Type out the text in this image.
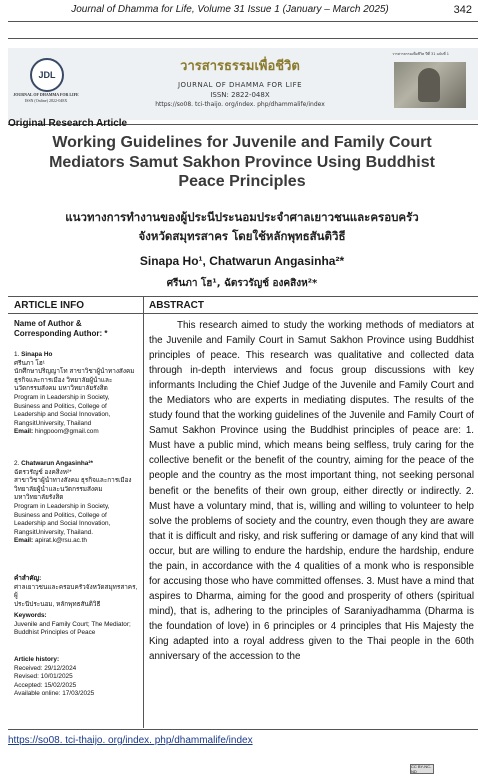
Journal of Dhamma for Life, Volume 31 Issue 1 (January – March 2025)	342
JDL
JOURNAL OF DHAMMA FOR LIFE
ISSN (Online) 2822-048X
วารสารธรรมเพื่อชีวิต
JOURNAL OF DHAMMA FOR LIFE
ISSN: 2822-048X
https://so08. tci-thaijo. org/index. php/dhammalife/index
วารสารธรรมเพื่อชีวิต ปีที่ 31 ฉบับที่ 1
Original Research Article
Working Guidelines for Juvenile and Family Court
Mediators Samut Sakhon Province Using Buddhist
Peace Principles
แนวทางการทำงานของผู้ประนีประนอมประจำศาลเยาวชนและครอบครัว
จังหวัดสมุทรสาคร โดยใช้หลักพุทธสันติวิธี
Sinapa Ho¹, Chatwarun Angasinha²*
ศรีนภา โฮ¹, ฉัตรวรัญช์ องคสิงห²*
ARTICLE INFO
Name of Author &
Corresponding Author: *
1. Sinapa Ho
ศรีนภา โฮ¹
นักศึกษาปริญญาโท สาขาวิชาผู้นำทางสังคม
ธุรกิจและการเมือง วิทยาลัยผู้นำและ
นวัตกรรมสังคม มหาวิทยาลัยรังสิต
Program in Leadership in Society,
Business and Politics, College of
Leadership and Social Innovation,
RangsitUniversity, Thailand
Email: hingpoom@gmail.com
2. Chatwarun Angasinha²*
ฉัตรวรัญช์ องคสิงห²*
สาขาวิชาผู้นำทางสังคม ธุรกิจและการเมือง
วิทยาลัยผู้นำและนวัตกรรมสังคม
มหาวิทยาลัยรังสิต
Program in Leadership in Society,
Business and Politics, College of
Leadership and Social Innovation,
RangsitUniversity, Thailand.
Email: apirat.k@rsu.ac.th
คำสำคัญ:
ศาลเยาวชนและครอบครัวจังหวัดสมุทรสาคร, ผู้
ประนีประนอม, หลักพุทธสันติวิธี
Keywords:
Juvenile and Family Court; The Mediator;
Buddhist Principles of Peace
Article history:
Received: 29/12/2024
Revised: 10/01/2025
Accepted: 15/02/2025
Available online: 17/03/2025
ABSTRACT
This research aimed to study the working methods of mediators at the Juvenile and Family Court in Samut Sakhon Province using Buddhist principles of peace. This research was qualitative and collected data through in-depth interviews and focus group discussions with key informants Including the Chief Judge of the Juvenile and Family Court and the Mediators who are experts in mediating disputes. The results of the study found that the working guidelines of the Juvenile and Family Court of Samut Sakhon Province using the Buddhist principles of peace are: 1. Must have a public mind, which means being selfless, truly caring for the collective benefit or the benefit of the country, aiming for the peace of the people and the country as the most important thing, not seeking personal benefit or the benefits of their own group, either directly or indirectly. 2. Must have a voluntary mind, that is, willing and willing to volunteer to help solve the problems of society and the country, even though they are aware that it is difficult and risky, and risk suffering or damage of any kind that will occur, but are willing to endure the hardship, endure the hardship, endure the pain, in accordance with the 4 qualities of a monk who is responsible for accusing those who have committed offenses. 3. Must have a mind that aspires to Dharma, aiming for the good and prosperity of others (spiritual mind), that is, adhering to the principles of Saraniyadhamma (Dharma is the foundation of love) in 6 principles or 4 principles that His Majesty the King adapted into a royal address given to the Thai people in the 60th anniversary of the accession to the
https://so08. tci-thaijo. org/index. php/dhammalife/index
CC BY-NC-ND
